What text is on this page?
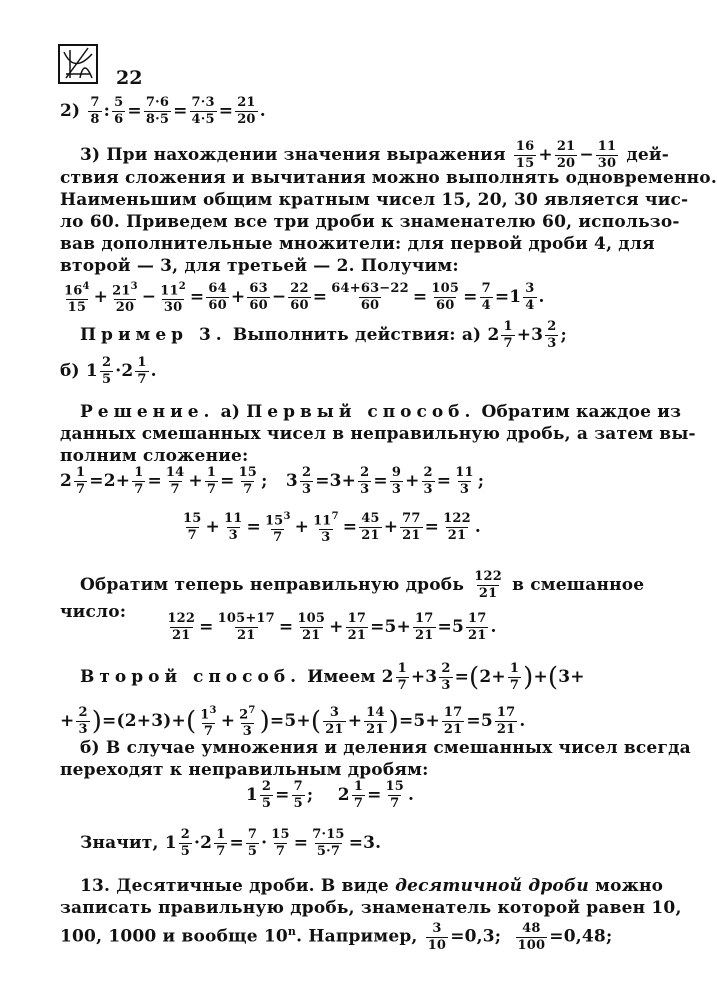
22
$2) \frac{7}{8}$ : $\frac{5}{6} = \frac{7\cdot 6}{8\cdot 5} = \frac{7\cdot 3}{4\cdot 5} = \frac{21}{20}$ .
3) При нахождении значения выражения $\frac{16}{15} + \frac{21}{20} - \frac{11}{30} дей-$
ствия сложения и вычитания можно выполнять одновременно.
Наименьшим общим кратным чисел 15, 20, 30 является чис-
ло 60. Приведем все три дроби к знаменателю 60, использо-
вав дополнительные множители: для первой дроби 4, для
второй — 3, для третьей — 2. Получим:
$\frac{16^4}{15} + \frac{21^3}{20} - \frac{11^2}{30} = \frac{64}{60} + \frac{63}{60} - \frac{22}{60} = \frac{64+63-22}{60} = \frac{105}{60} = \frac{7}{4} =1 \frac{3}{4}$ .
Пример 3. Выполнить действия: а) $2 \frac{1}{7} +3 \frac{2}{3}$ ;
б) $1 \frac{2}{5} \cdot 2 \frac{1}{7}$ .
Решение. а) Первый способ. Обратим каждое из
данных смешанных чисел в неправильную дробь, а затем вы-
полним сложение:
$2 \frac{1}{7} =2+ \frac{1}{7} = \frac{14}{7} + \frac{1}{7} = \frac{15}{7}$ ;   $3 \frac{2}{3} =3+ \frac{2}{3} = \frac{9}{3} + \frac{2}{3} = \frac{11}{3}$ ;
$\frac{15}{7} + \frac{11}{3} = \frac{15^3}{7} + \frac{11^7}{3} = \frac{45}{21} + \frac{77}{21} = \frac{122}{21}$ .
Обратим теперь неправильную дробь $\frac{122}{21}$ в смешанное
число:	$\frac{122}{21} = \frac{105+17}{21} = \frac{105}{21} + \frac{17}{21} =5+ \frac{17}{21} =5 \frac{17}{21}$ .
Второй способ. Имеем $2 \frac{1}{7} +3 \frac{2}{3} =(2+ \frac{1}{7} )+(3+$
+ $\frac{2}{3} )=(2+3)+( \frac{1^3}{7} + \frac{2^7}{3} )=5+( \frac{3}{21} + \frac{14}{21} )=5+ \frac{17}{21} =5 \frac{17}{21}$ .
б) В случае умножения и деления смешанных чисел всегда
переходят к неправильным дробям:
$1 \frac{2}{5} = \frac{7}{5}$ ;    $2 \frac{1}{7} = \frac{15}{7}$ .
Значит, $1 \frac{2}{5} \cdot 2 \frac{1}{7} = \frac{7}{5} \cdot \frac{15}{7} = \frac{7\cdot 15}{5\cdot 7} =3$.
13. Десятичные дроби. В виде десятичной дроби можно
записать правильную дробь, знаменатель которой равен 10,
100, 1000 и вообще 10$^n$. Например, $\frac{3}{10} =0,3$; $\frac{48}{100} =0,48$;
